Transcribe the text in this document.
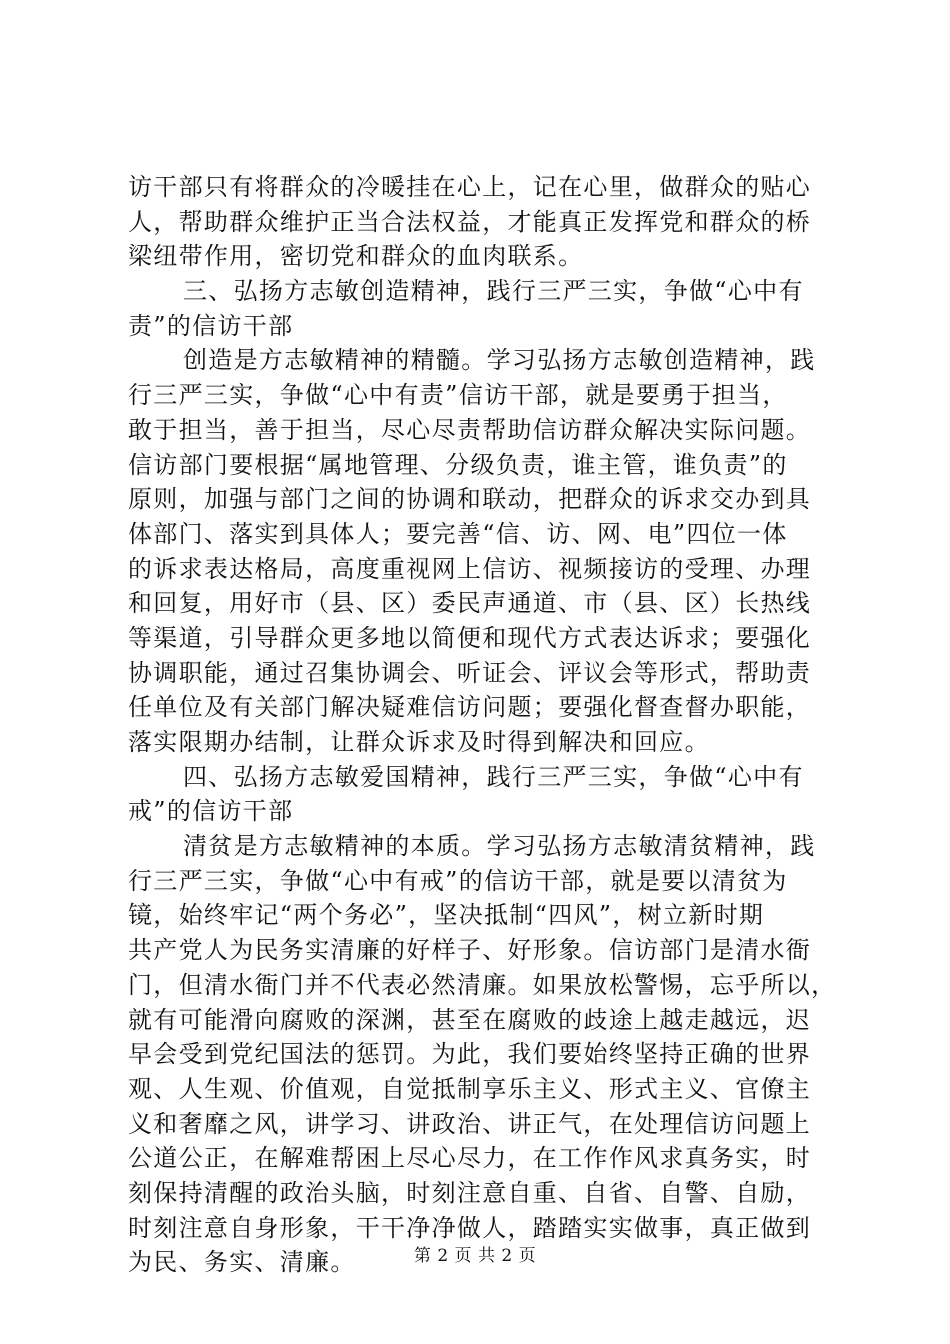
访干部只有将群众的冷暖挂在心上，记在心里，做群众的贴心
人，帮助群众维护正当合法权益，才能真正发挥党和群众的桥
梁纽带作用，密切党和群众的血肉联系。
三、弘扬方志敏创造精神，践行三严三实，争做“心中有
责”的信访干部
创造是方志敏精神的精髓。学习弘扬方志敏创造精神，践
行三严三实，争做“心中有责”信访干部，就是要勇于担当，
敢于担当，善于担当，尽心尽责帮助信访群众解决实际问题。
信访部门要根据“属地管理、分级负责，谁主管，谁负责”的
原则，加强与部门之间的协调和联动，把群众的诉求交办到具
体部门、落实到具体人；要完善“信、访、网、电”四位一体
的诉求表达格局，高度重视网上信访、视频接访的受理、办理
和回复，用好市（县、区）委民声通道、市（县、区）长热线
等渠道，引导群众更多地以简便和现代方式表达诉求；要强化
协调职能，通过召集协调会、听证会、评议会等形式，帮助责
任单位及有关部门解决疑难信访问题；要强化督查督办职能，
落实限期办结制，让群众诉求及时得到解决和回应。
四、弘扬方志敏爱国精神，践行三严三实，争做“心中有
戒”的信访干部
清贫是方志敏精神的本质。学习弘扬方志敏清贫精神，践
行三严三实，争做“心中有戒”的信访干部，就是要以清贫为
镜，始终牢记“两个务必”，坚决抵制“四风”，树立新时期
共产党人为民务实清廉的好样子、好形象。信访部门是清水衙
门，但清水衙门并不代表必然清廉。如果放松警惕，忘乎所以，
就有可能滑向腐败的深渊，甚至在腐败的歧途上越走越远，迟
早会受到党纪国法的惩罚。为此，我们要始终坚持正确的世界
观、人生观、价值观，自觉抵制享乐主义、形式主义、官僚主
义和奢靡之风，讲学习、讲政治、讲正气，在处理信访问题上
公道公正，在解难帮困上尽心尽力，在工作作风求真务实，时
刻保持清醒的政治头脑，时刻注意自重、自省、自警、自励，
时刻注意自身形象，干干净净做人，踏踏实实做事，真正做到
为民、务实、清廉。	第 2 页 共 2 页
